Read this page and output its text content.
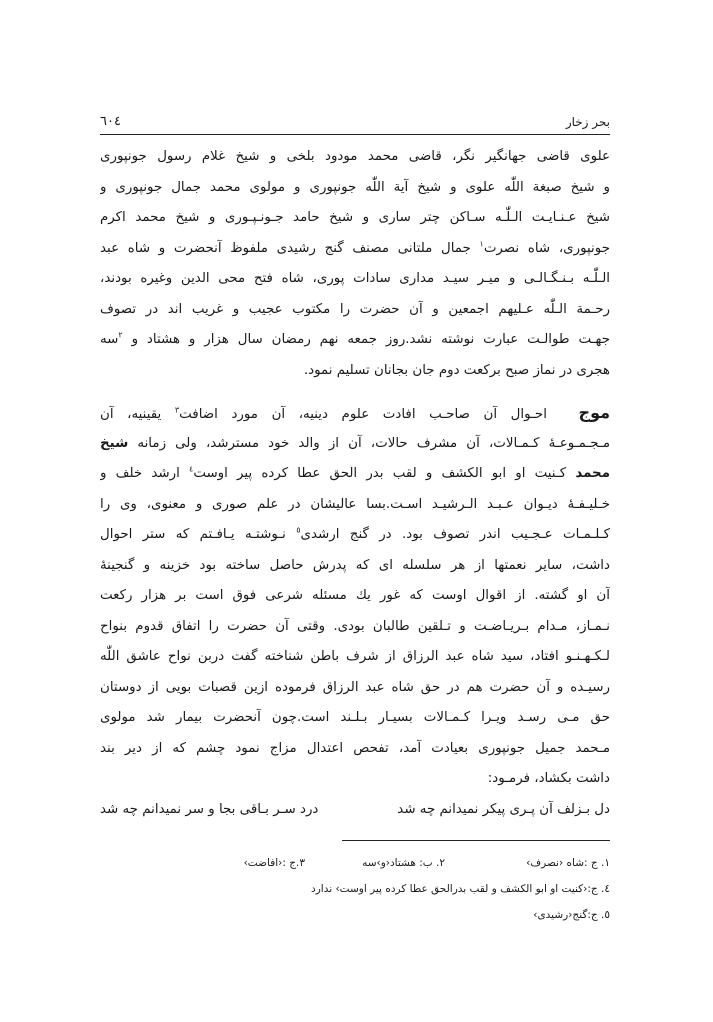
بحر زخار
٦٠٤
علوی قاضی جهانگیر نگر، قاضی محمد مودود بلخی و شیخ غلام رسول جونپوری
و شیخ صبغة اللّٰه علوی و شیخ آیة اللّٰه جونپوری و مولوی محمد جمال جونپوری و
شیخ عـنـایـت الـلّٰـه سـاکن چتر ساری و شیخ حامد جـونـپـوری و شیخ محمد اکرم
جونپوری، شاه نصرت$^١$ جمال ملتانی مصنف گنج رشیدی ملفوظ آنحضرت و شاه عبد
الـلّٰـه بـنـگـالـی و میـر سیـد مداری سادات پوری، شاه فتح محی الدین وغیره بودند،
رحـمة الـلّٰه عـلیهم اجمعین و آن حضرت را مکتوب عجیب و غریب اند در تصوف
جهـت طوالـت عبارت نوشته نشد.روز جمعه نهم رمضان سال هزار و هشتاد و $^٢$سه
هجری در نماز صبح برکعت دوم جان بجانان تسلیم نمود.
موج احـوال آن صاحـب افادت علوم دینیه، آن مورد اضافت$^٣$ یقینیه، آن
مـجـمـوعـۀ کـمـالات، آن مشرف حالات، آن از والد خود مسترشد، ولی زمانه شیخ
محمد کـنیت او ابو الکشف و لقب بدر الحق عطا کرده پیر اوست$^٤$ ارشد خلف و
خـلیـفـۀ دیـوان عـبـد الـرشیـد اسـت.بسا عالیشان در علم صوری و معنوی، وی را
کـلـمـات عـجـیب اندر تصوف بود. در گنج ارشدی$^٥$ نـوشتـه یـافـتم که ستر احوال
داشت، سایر نعمتها از هر سلسله ای که پدرش حاصل ساخته بود خزینه و گنجینۀ
آن او گشته. از اقوال اوست که غور یك مسئله شرعی فوق است بر هزار رکعت
نـمـاز، مـدام بـریـاضـت و تـلقین طالبان بودی. وقتی آن حضرت را اتفاق قدوم بنواح
لـکـهـنـو افتاد، سید شاه عبد الرزاق از شرف باطن شناخته گفت دربن نواح عاشق اللّٰه
رسیـده و آن حضرت هم در حق شاه عبد الرزاق فرموده ازین قصبات بویی از دوستان
حق مـی رسـد ویـرا کـمـالات بسیـار بـلـند است.چون آنحضرت بیمار شد مولوی
مـحمد جمیل جونپوری بعیادت آمد، تفحص اعتدال مزاج نمود چشم که از دیر بند
داشت بکشاد، فرمـود:
دل بـزلف آن پـری پیکر نمیدانم چه شد
درد سـر بـاقی بجا و سر نمیدانم چه شد
١. ج :شاه ‹نصرف›
٢. ب: هشتاد‹و›سه
٣.ج :‹افاضت›
٤. ج:‹کنیت او ابو الکشف و لقب بدرالحق عطا کرده پیر اوست› ندارد
٥. ج:گنج‹رشیدی›
